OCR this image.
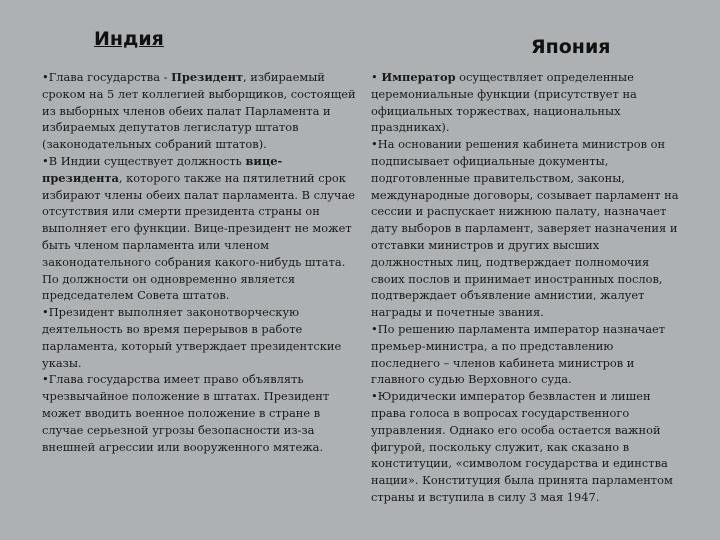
Индия	Япония

•Глава государства - Президент, избираемый сроком на 5 лет коллегией выборщиков, состоящей из выборных членов обеих палат Парламента и избираемых депутатов легислатур штатов (законодательных собраний штатов).

•В Индии существует должность вице-президента, которого также на пятилетний срок избирают члены обеих палат парламента. В случае отсутствия или смерти президента страны он выполняет его функции. Вице-президент не может быть членом парламента или членом законодательного собрания какого-нибудь штата. По должности он одновременно является председателем Совета штатов.

•Президент выполняет законотворческую деятельность во время перерывов в работе парламента, который утверждает президентские указы.

•Глава государства имеет право объявлять чрезвычайное положение в штатах. Президент может вводить военное положение в стране в случае серьезной угрозы безопасности из-за внешней агрессии или вооруженного мятежа.

• Император осуществляет определенные церемониальные функции (присутствует на официальных торжествах, национальных праздниках).

•На основании решения кабинета министров он подписывает официальные документы, подготовленные правительством, законы, международные договоры, созывает парламент на сессии и распускает нижнюю палату, назначает дату выборов в парламент, заверяет назначения и отставки министров и других высших должностных лиц, подтверждает полномочия своих послов и принимает иностранных послов, подтверждает объявление амнистии, жалует награды и почетные звания.

•По решению парламента император назначает премьер-министра, а по представлению последнего – членов кабинета министров и главного судью Верховного суда.

•Юридически император безвластен и лишен права голоса в вопросах государственного управления. Однако его особа остается важной фигурой, поскольку служит, как сказано в конституции, «символом государства и единства нации». Конституция была принята парламентом страны и вступила в силу 3 мая 1947.
